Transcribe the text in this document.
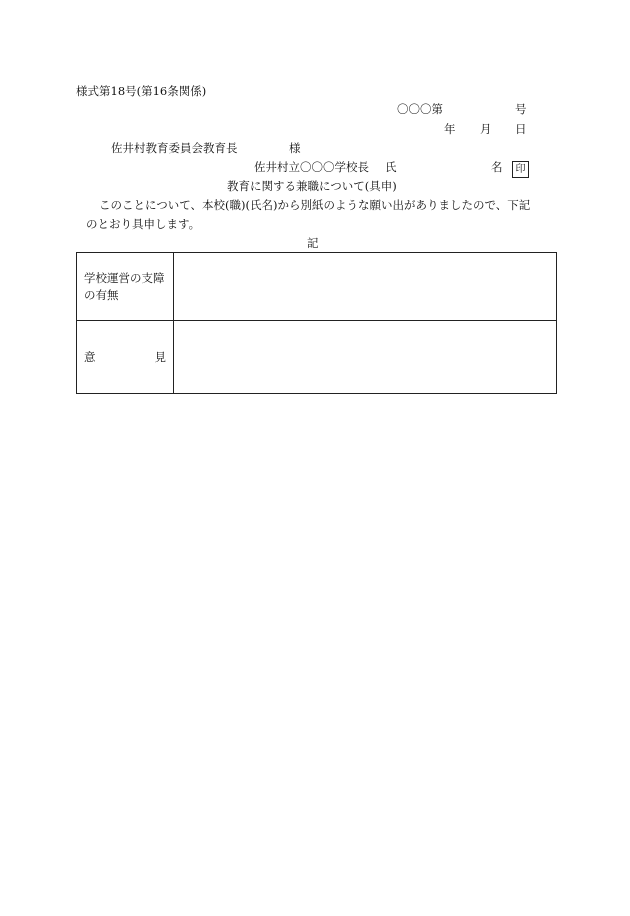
様式第18号(第16条関係)
〇〇〇第	号
年 月 日
佐井村教育委員会教育長	様
佐井村立〇〇〇学校長 氏	名	印
教育に関する兼職について(具申)
このことについて、本校(職)(氏名)から別紙のような願い出がありましたので、下記
のとおり具申します。
記
学校運営の支障
の有無	

意 見	
